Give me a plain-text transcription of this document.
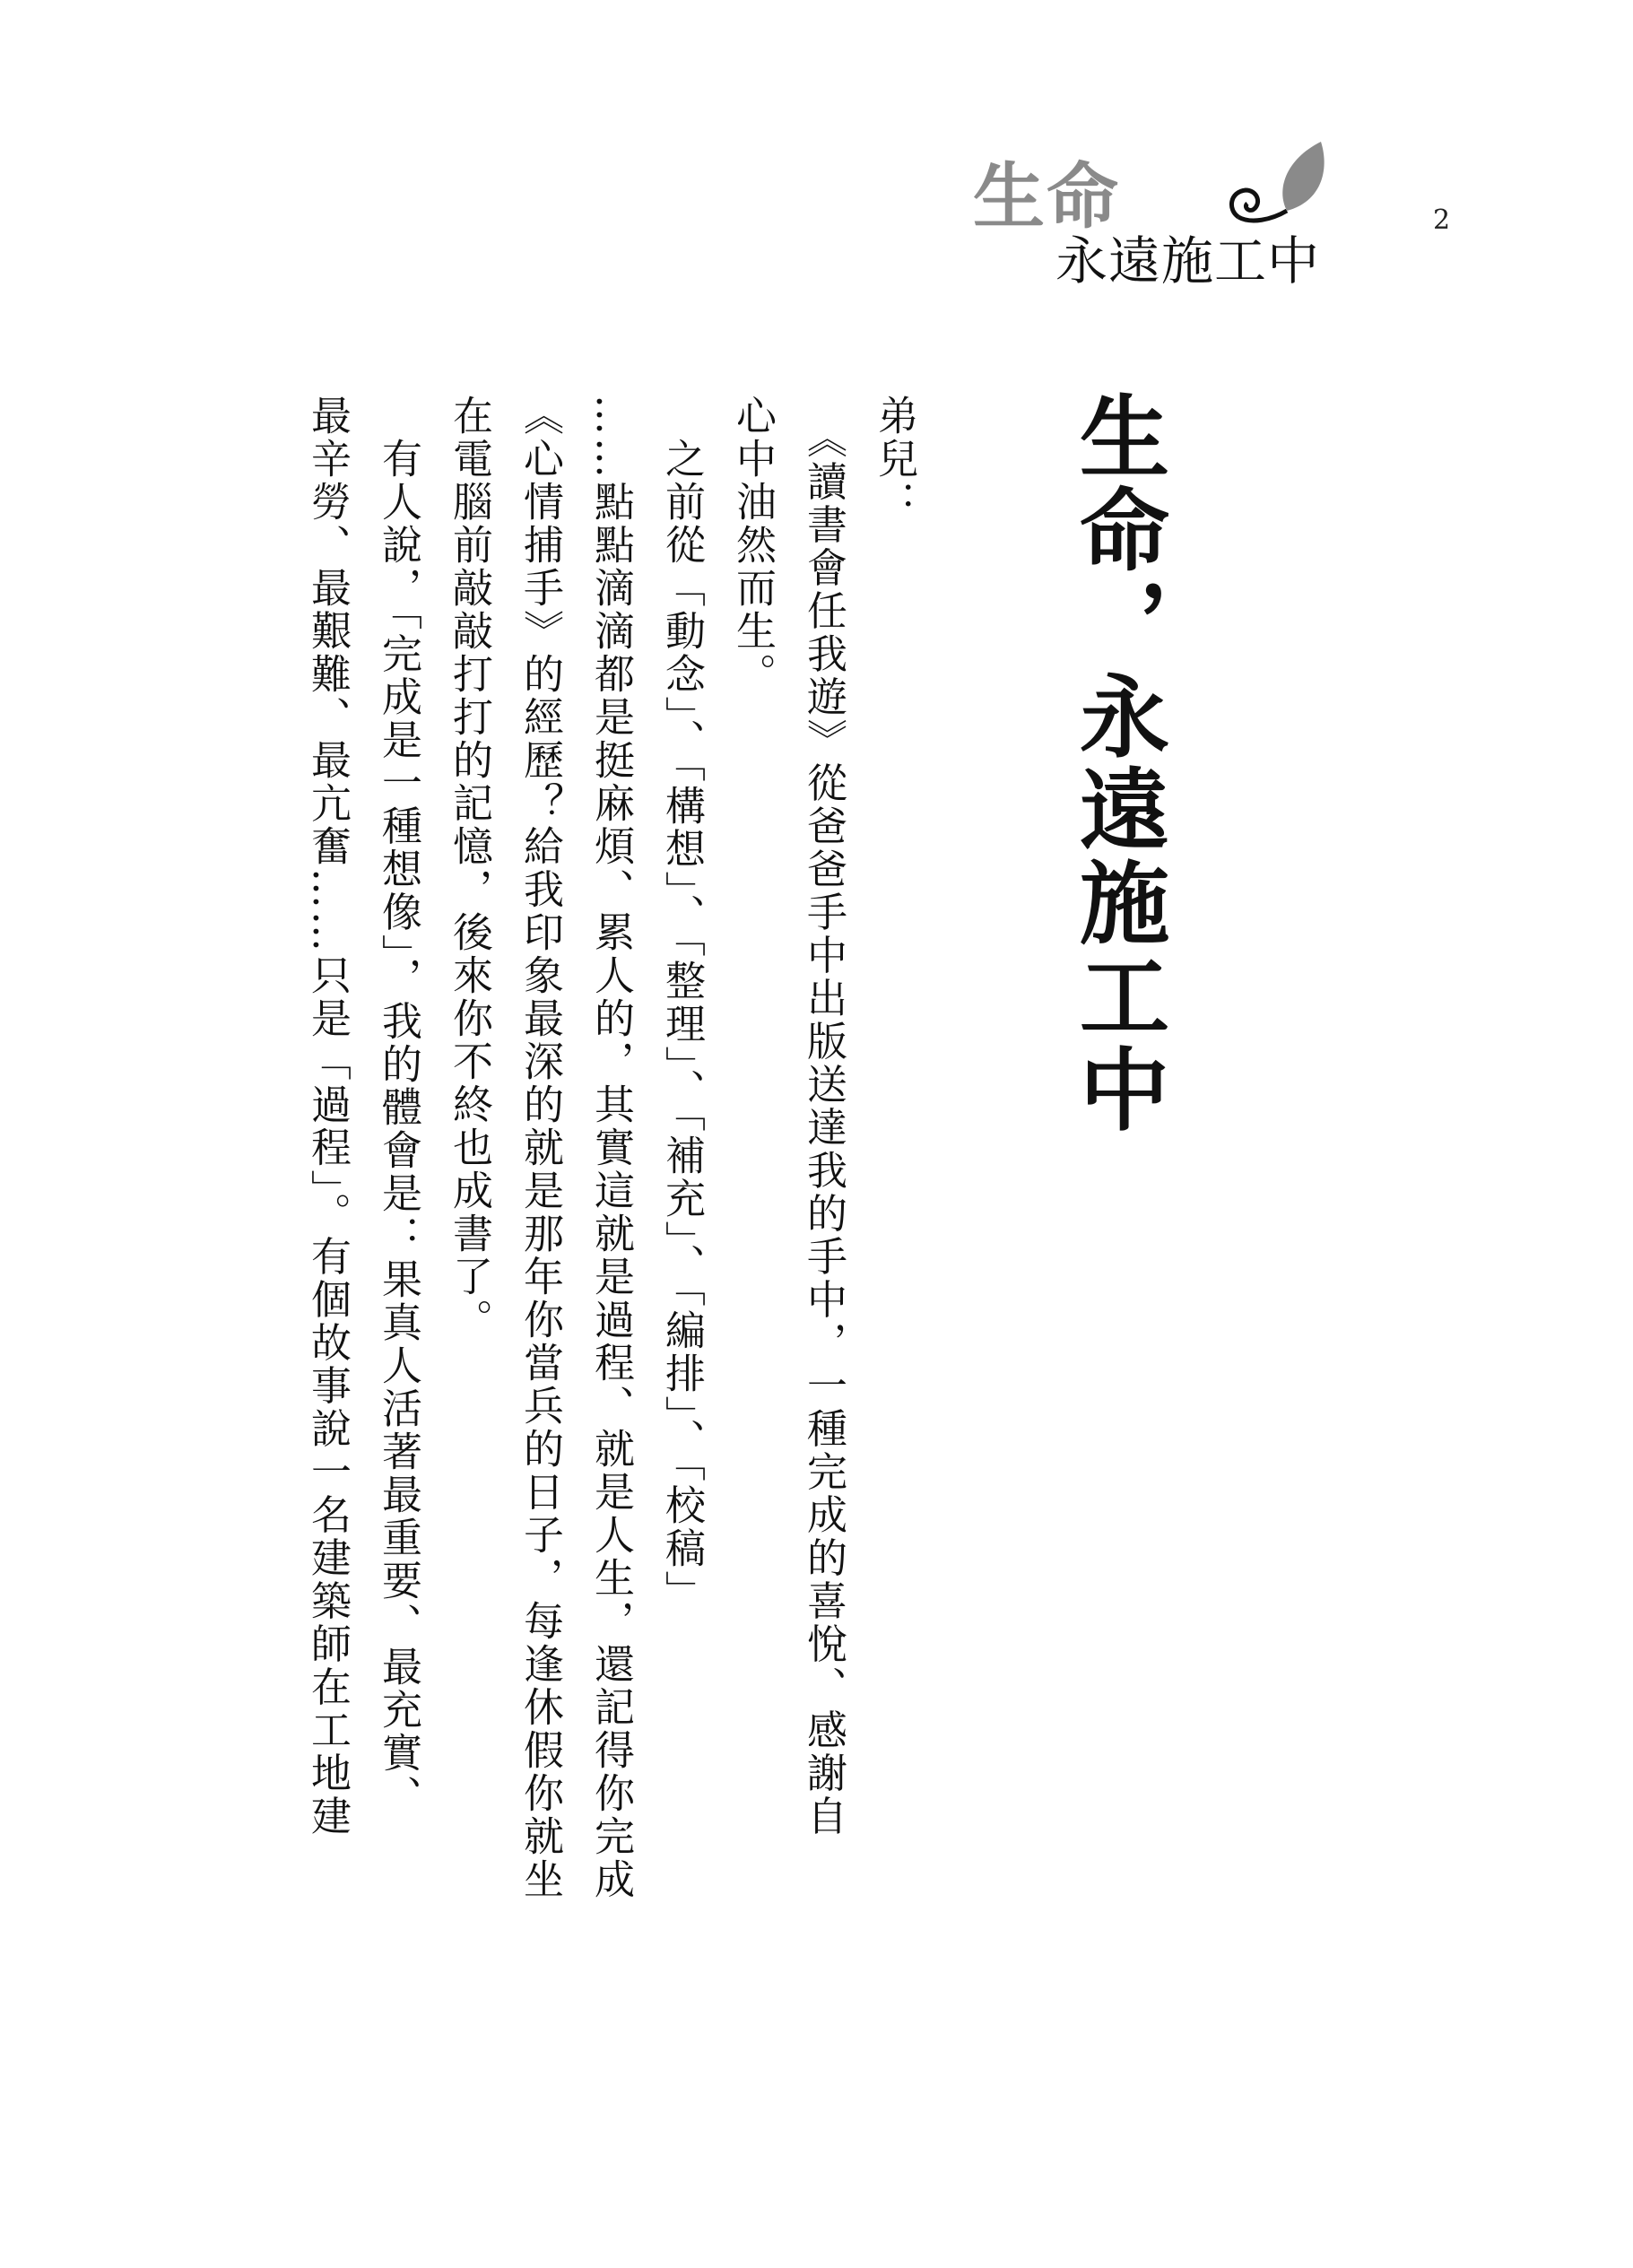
生命
永遠施工中
2
生命，永遠施工中
弟兒：
　《讀書會任我遊》從爸爸手中出版送達我的手中，一種完成的喜悅、感謝自
心中油然而生。
　之前從「動念」、「構想」、「整理」、「補充」、「編排」、「校稿」
……點點滴滴都是挺麻煩、累人的，其實這就是過程、就是人生，還記得你完成
《心情捕手》的經歷？給我印象最深的就是那年你當兵的日子，每逢休假你就坐
在電腦前敲敲打打的記憶，後來你不終也成書了。
　有人說，「完成是一種想像」，我的體會是：果真人活著最重要、最充實、
最辛勞、最艱難、最亢奮……只是「過程」。有個故事說一名建築師在工地建
